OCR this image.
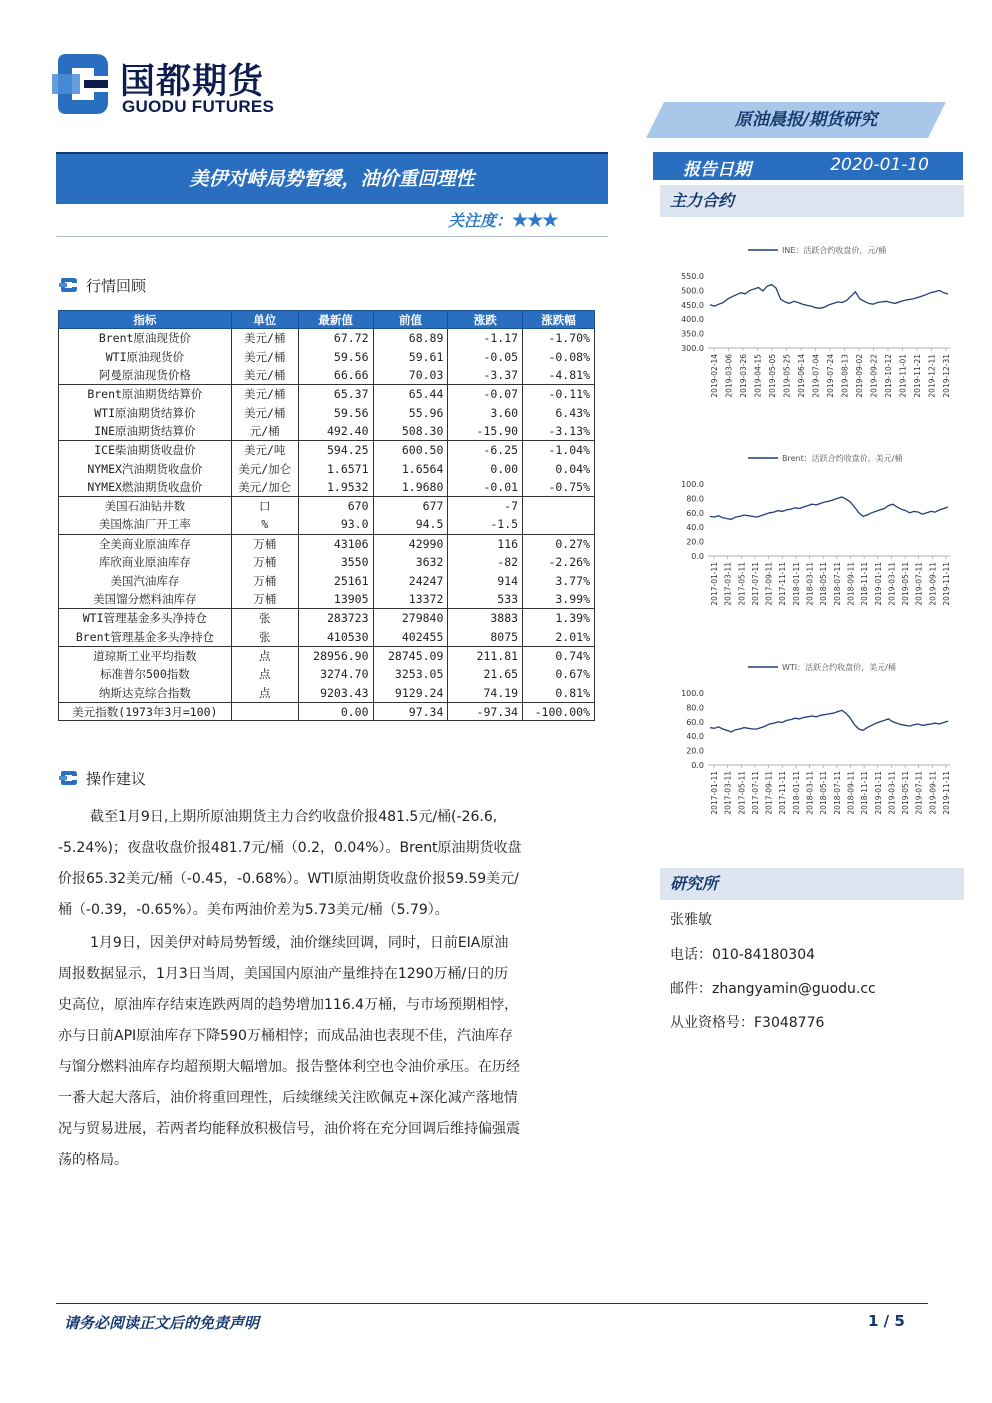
国都期货
GUODU FUTURES
原油晨报/期货研究
美伊对峙局势暂缓，油价重回理性
关注度：★★★
报告日期	2020-01-10
主力合约
INE：活跃合约收盘价，元/桶
550.0
500.0
450.0
400.0
350.0
300.0
2019-02-14 2019-03-06 2019-03-26 2019-04-15 2019-05-05 2019-05-25 2019-06-14 2019-07-04 2019-07-24 2019-08-13 2019-09-02 2019-09-22 2019-10-12 2019-11-01 2019-11-21 2019-12-11 2019-12-31
Brent：活跃合约收盘价，美元/桶
100.0
80.0
60.0
40.0
20.0
0.0
2017-01-11 2017-03-11 2017-05-11 2017-07-11 2017-09-11 2017-11-11 2018-01-11 2018-03-11 2018-05-11 2018-07-11 2018-09-11 2018-11-11 2019-01-11 2019-03-11 2019-05-11 2019-07-11 2019-09-11 2019-11-11
WTI：活跃合约收盘价，美元/桶
100.0
80.0
60.0
40.0
20.0
0.0
2017-01-11 2017-03-11 2017-05-11 2017-07-11 2017-09-11 2017-11-11 2018-01-11 2018-03-11 2018-05-11 2018-07-11 2018-09-11 2018-11-11 2019-01-11 2019-03-11 2019-05-11 2019-07-11 2019-09-11 2019-11-11
研究所
张雅敏
电话：010-84180304
邮件：zhangyamin@guodu.cc
从业资格号：F3048776
行情回顾
指标	单位	最新值	前值	涨跌	涨跌幅
Brent原油现货价	美元/桶	67.72	68.89	-1.17	-1.70%
WTI原油现货价	美元/桶	59.56	59.61	-0.05	-0.08%
阿曼原油现货价格	美元/桶	66.66	70.03	-3.37	-4.81%
Brent原油期货结算价	美元/桶	65.37	65.44	-0.07	-0.11%
WTI原油期货结算价	美元/桶	59.56	55.96	3.60	6.43%
INE原油期货结算价	元/桶	492.40	508.30	-15.90	-3.13%
ICE柴油期货收盘价	美元/吨	594.25	600.50	-6.25	-1.04%
NYMEX汽油期货收盘价	美元/加仑	1.6571	1.6564	0.00	0.04%
NYMEX燃油期货收盘价	美元/加仑	1.9532	1.9680	-0.01	-0.75%
美国石油钻井数	口	670	677	-7	
美国炼油厂开工率	%	93.0	94.5	-1.5	
全美商业原油库存	万桶	43106	42990	116	0.27%
库欣商业原油库存	万桶	3550	3632	-82	-2.26%
美国汽油库存	万桶	25161	24247	914	3.77%
美国馏分燃料油库存	万桶	13905	13372	533	3.99%
WTI管理基金多头净持仓	张	283723	279840	3883	1.39%
Brent管理基金多头净持仓	张	410530	402455	8075	2.01%
道琼斯工业平均指数	点	28956.90	28745.09	211.81	0.74%
标准普尔500指数	点	3274.70	3253.05	21.65	0.67%
纳斯达克综合指数	点	9203.43	9129.24	74.19	0.81%
美元指数(1973年3月=100)		0.00	97.34	-97.34	-100.00%
操作建议
截至1月9日,上期所原油期货主力合约收盘价报481.5元/桶(-26.6,
-5.24%)；夜盘收盘价报481.7元/桶（0.2，0.04%）。Brent原油期货收盘
价报65.32美元/桶（-0.45，-0.68%）。WTI原油期货收盘价报59.59美元/
桶（-0.39，-0.65%）。美布两油价差为5.73美元/桶（5.79）。
1月9日，因美伊对峙局势暂缓，油价继续回调，同时，日前EIA原油
周报数据显示，1月3日当周，美国国内原油产量维持在1290万桶/日的历
史高位，原油库存结束连跌两周的趋势增加116.4万桶，与市场预期相悖，
亦与日前API原油库存下降590万桶相悖；而成品油也表现不佳，汽油库存
与馏分燃料油库存均超预期大幅增加。报告整体利空也令油价承压。在历经
一番大起大落后，油价将重回理性，后续继续关注欧佩克+深化减产落地情
况与贸易进展，若两者均能释放积极信号，油价将在充分回调后维持偏强震
荡的格局。
请务必阅读正文后的免责声明	1 / 5
